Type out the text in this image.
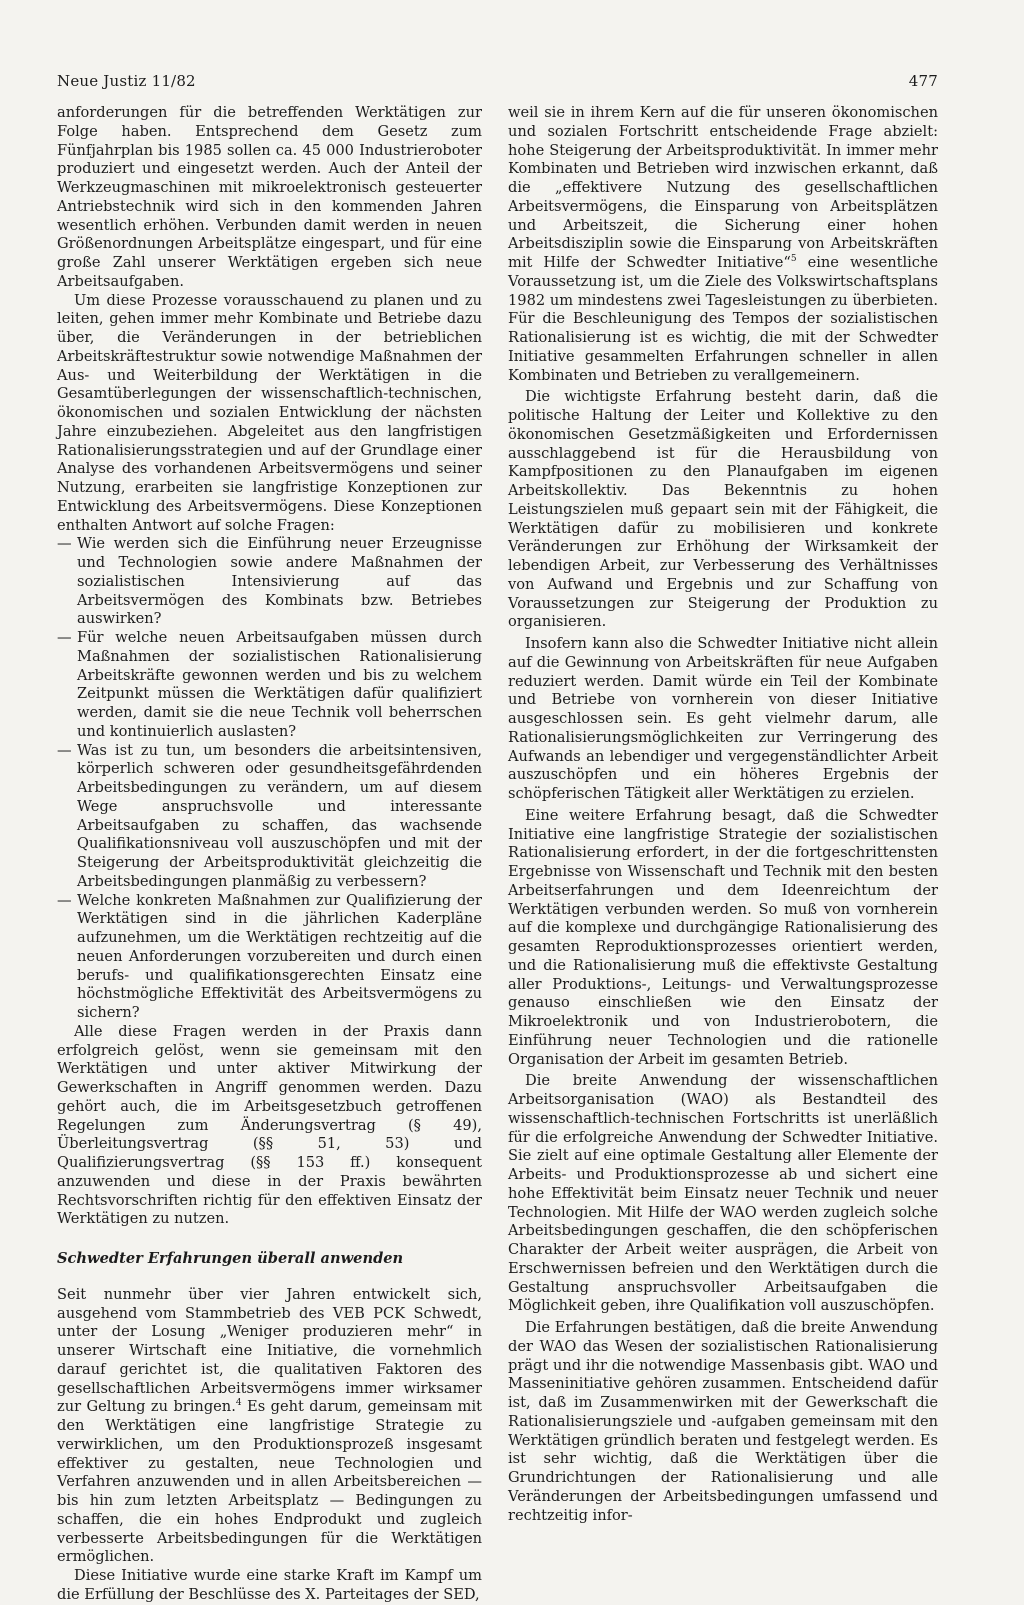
Neue Justiz 11/82	477

anforderungen für die betreffenden Werktätigen zur Folge haben. Entsprechend dem Gesetz zum Fünfjahrplan bis 1985 sollen ca. 45 000 Industrieroboter produziert und eingesetzt werden. Auch der Anteil der Werkzeugmaschinen mit mikroelektronisch gesteuerter Antriebstechnik wird sich in den kommenden Jahren wesentlich erhöhen. Verbunden damit werden in neuen Größenordnungen Arbeitsplätze eingespart, und für eine große Zahl unserer Werktätigen ergeben sich neue Arbeitsaufgaben.

Um diese Prozesse vorausschauend zu planen und zu leiten, gehen immer mehr Kombinate und Betriebe dazu über, die Veränderungen in der betrieblichen Arbeitskräftestruktur sowie notwendige Maßnahmen der Aus- und Weiterbildung der Werktätigen in die Gesamtüberlegungen der wissenschaftlich-technischen, ökonomischen und sozialen Entwicklung der nächsten Jahre einzubeziehen. Abgeleitet aus den langfristigen Rationalisierungsstrategien und auf der Grundlage einer Analyse des vorhandenen Arbeitsvermögens und seiner Nutzung, erarbeiten sie langfristige Konzeptionen zur Entwicklung des Arbeitsvermögens. Diese Konzeptionen enthalten Antwort auf solche Fragen:

— Wie werden sich die Einführung neuer Erzeugnisse und Technologien sowie andere Maßnahmen der sozialistischen Intensivierung auf das Arbeitsvermögen des Kombinats bzw. Betriebes auswirken?
— Für welche neuen Arbeitsaufgaben müssen durch Maßnahmen der sozialistischen Rationalisierung Arbeitskräfte gewonnen werden und bis zu welchem Zeitpunkt müssen die Werktätigen dafür qualifiziert werden, damit sie die neue Technik voll beherrschen und kontinuierlich auslasten?
— Was ist zu tun, um besonders die arbeitsintensiven, körperlich schweren oder gesundheitsgefährdenden Arbeitsbedingungen zu verändern, um auf diesem Wege anspruchsvolle und interessante Arbeitsaufgaben zu schaffen, das wachsende Qualifikationsniveau voll auszuschöpfen und mit der Steigerung der Arbeitsproduktivität gleichzeitig die Arbeitsbedingungen planmäßig zu verbessern?
— Welche konkreten Maßnahmen zur Qualifizierung der Werktätigen sind in die jährlichen Kaderpläne aufzunehmen, um die Werktätigen rechtzeitig auf die neuen Anforderungen vorzubereiten und durch einen berufs- und qualifikationsgerechten Einsatz eine höchstmögliche Effektivität des Arbeitsvermögens zu sichern?

Alle diese Fragen werden in der Praxis dann erfolgreich gelöst, wenn sie gemeinsam mit den Werktätigen und unter aktiver Mitwirkung der Gewerkschaften in Angriff genommen werden. Dazu gehört auch, die im Arbeitsgesetzbuch getroffenen Regelungen zum Änderungsvertrag (§ 49), Überleitungsvertrag (§§ 51, 53) und Qualifizierungsvertrag (§§ 153 ff.) konsequent anzuwenden und diese in der Praxis bewährten Rechtsvorschriften richtig für den effektiven Einsatz der Werktätigen zu nutzen.

Schwedter Erfahrungen überall anwenden

Seit nunmehr über vier Jahren entwickelt sich, ausgehend vom Stammbetrieb des VEB PCK Schwedt, unter der Losung „Weniger produzieren mehr“ in unserer Wirtschaft eine Initiative, die vornehmlich darauf gerichtet ist, die qualitativen Faktoren des gesellschaftlichen Arbeitsvermögens immer wirksamer zur Geltung zu bringen.$^4$ Es geht darum, gemeinsam mit den Werktätigen eine langfristige Strategie zu verwirklichen, um den Produktionsprozeß insgesamt effektiver zu gestalten, neue Technologien und Verfahren anzuwenden und in allen Arbeitsbereichen — bis hin zum letzten Arbeitsplatz — Bedingungen zu schaffen, die ein hohes Endprodukt und zugleich verbesserte Arbeitsbedingungen für die Werktätigen ermöglichen.

Diese Initiative wurde eine starke Kraft im Kampf um die Erfüllung der Beschlüsse des X. Parteitages der SED,

weil sie in ihrem Kern auf die für unseren ökonomischen und sozialen Fortschritt entscheidende Frage abzielt: hohe Steigerung der Arbeitsproduktivität. In immer mehr Kombinaten und Betrieben wird inzwischen erkannt, daß die „effektivere Nutzung des gesellschaftlichen Arbeitsvermögens, die Einsparung von Arbeitsplätzen und Arbeitszeit, die Sicherung einer hohen Arbeitsdisziplin sowie die Einsparung von Arbeitskräften mit Hilfe der Schwedter Initiative“$^5$ eine wesentliche Voraussetzung ist, um die Ziele des Volkswirtschaftsplans 1982 um mindestens zwei Tagesleistungen zu überbieten. Für die Beschleunigung des Tempos der sozialistischen Rationalisierung ist es wichtig, die mit der Schwedter Initiative gesammelten Erfahrungen schneller in allen Kombinaten und Betrieben zu verallgemeinern.

Die wichtigste Erfahrung besteht darin, daß die politische Haltung der Leiter und Kollektive zu den ökonomischen Gesetzmäßigkeiten und Erfordernissen ausschlaggebend ist für die Herausbildung von Kampfpositionen zu den Planaufgaben im eigenen Arbeitskollektiv. Das Bekenntnis zu hohen Leistungszielen muß gepaart sein mit der Fähigkeit, die Werktätigen dafür zu mobilisieren und konkrete Veränderungen zur Erhöhung der Wirksamkeit der lebendigen Arbeit, zur Verbesserung des Verhältnisses von Aufwand und Ergebnis und zur Schaffung von Voraussetzungen zur Steigerung der Produktion zu organisieren.

Insofern kann also die Schwedter Initiative nicht allein auf die Gewinnung von Arbeitskräften für neue Aufgaben reduziert werden. Damit würde ein Teil der Kombinate und Betriebe von vornherein von dieser Initiative ausgeschlossen sein. Es geht vielmehr darum, alle Rationalisierungsmöglichkeiten zur Verringerung des Aufwands an lebendiger und vergegenständlichter Arbeit auszuschöpfen und ein höheres Ergebnis der schöpferischen Tätigkeit aller Werktätigen zu erzielen.

Eine weitere Erfahrung besagt, daß die Schwedter Initiative eine langfristige Strategie der sozialistischen Rationalisierung erfordert, in der die fortgeschrittensten Ergebnisse von Wissenschaft und Technik mit den besten Arbeitserfahrungen und dem Ideenreichtum der Werktätigen verbunden werden. So muß von vornherein auf die komplexe und durchgängige Rationalisierung des gesamten Reproduktionsprozesses orientiert werden, und die Rationalisierung muß die effektivste Gestaltung aller Produktions-, Leitungs- und Verwaltungsprozesse genauso einschließen wie den Einsatz der Mikroelektronik und von Industrierobotern, die Einführung neuer Technologien und die rationelle Organisation der Arbeit im gesamten Betrieb.

Die breite Anwendung der wissenschaftlichen Arbeitsorganisation (WAO) als Bestandteil des wissenschaftlich-technischen Fortschritts ist unerläßlich für die erfolgreiche Anwendung der Schwedter Initiative. Sie zielt auf eine optimale Gestaltung aller Elemente der Arbeits- und Produktionsprozesse ab und sichert eine hohe Effektivität beim Einsatz neuer Technik und neuer Technologien. Mit Hilfe der WAO werden zugleich solche Arbeitsbedingungen geschaffen, die den schöpferischen Charakter der Arbeit weiter ausprägen, die Arbeit von Erschwernissen befreien und den Werktätigen durch die Gestaltung anspruchsvoller Arbeitsaufgaben die Möglichkeit geben, ihre Qualifikation voll auszuschöpfen.

Die Erfahrungen bestätigen, daß die breite Anwendung der WAO das Wesen der sozialistischen Rationalisierung prägt und ihr die notwendige Massenbasis gibt. WAO und Masseninitiative gehören zusammen. Entscheidend dafür ist, daß im Zusammenwirken mit der Gewerkschaft die Rationalisierungsziele und -aufgaben gemeinsam mit den Werktätigen gründlich beraten und festgelegt werden. Es ist sehr wichtig, daß die Werktätigen über die Grundrichtungen der Rationalisierung und alle Veränderungen der Arbeitsbedingungen umfassend und rechtzeitig infor-
